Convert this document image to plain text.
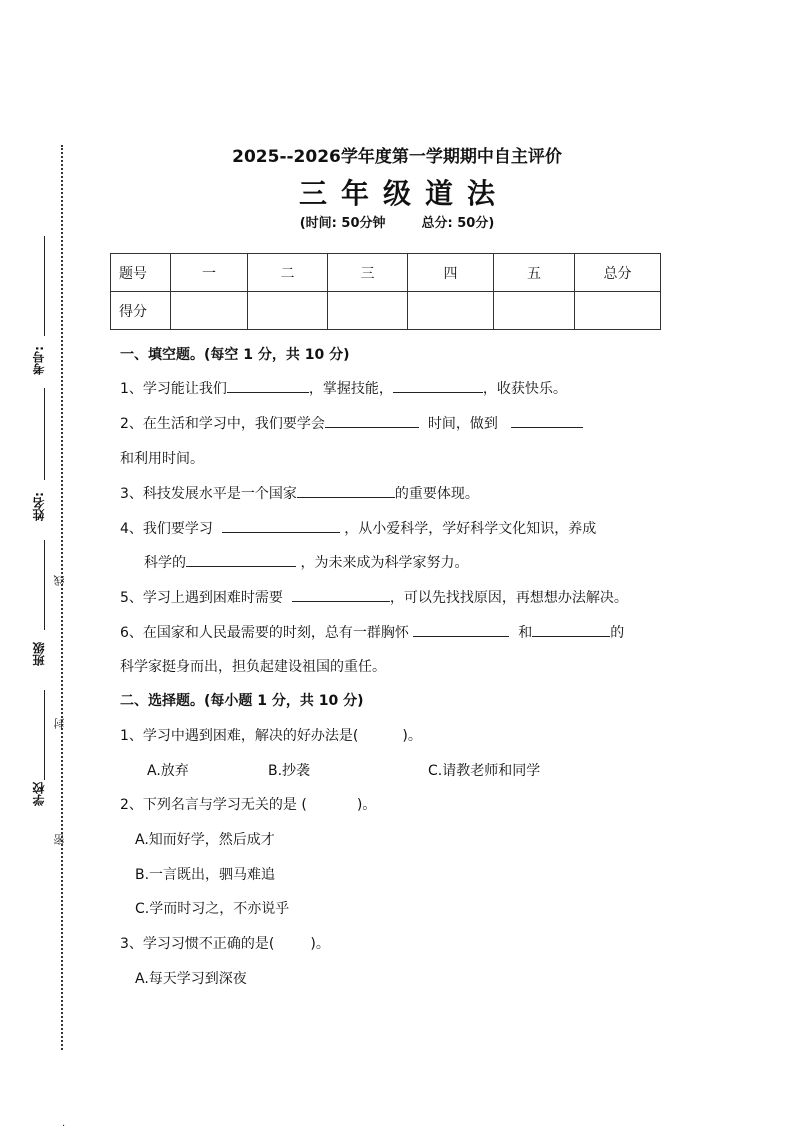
考号:
姓名:
线
班级
封
学校
密
.
2025--2026学年度第一学期期中自主评价
三年级道法
(时间: 50分钟	总分: 50分)
题号	一	二	三	四	五	总分
得分						
一、填空题。(每空 1 分，共 10 分)
1、学习能让我们	，掌握技能，	，收获快乐。
2、在生活和学习中，我们要学会	时间，做到
和利用时间。
3、科技发展水平是一个国家	的重要体现。
4、我们要学习	，从小爱科学，学好科学文化知识，养成
科学的	，为未来成为科学家努力。
5、学习上遇到困难时需要	，可以先找找原因，再想想办法解决。
6、在国家和人民最需要的时刻，总有一群胸怀	和	的
科学家挺身而出，担负起建设祖国的重任。
二、选择题。(每小题 1 分，共 10 分)
1、学习中遇到困难，解决的好办法是(	)。
A.放弃	B.抄袭	C.请教老师和同学
2、下列名言与学习无关的是 (	)。
A.知而好学，然后成才
B.一言既出，驷马难追
C.学而时习之，不亦说乎
3、学习习惯不正确的是(	)。
A.每天学习到深夜
